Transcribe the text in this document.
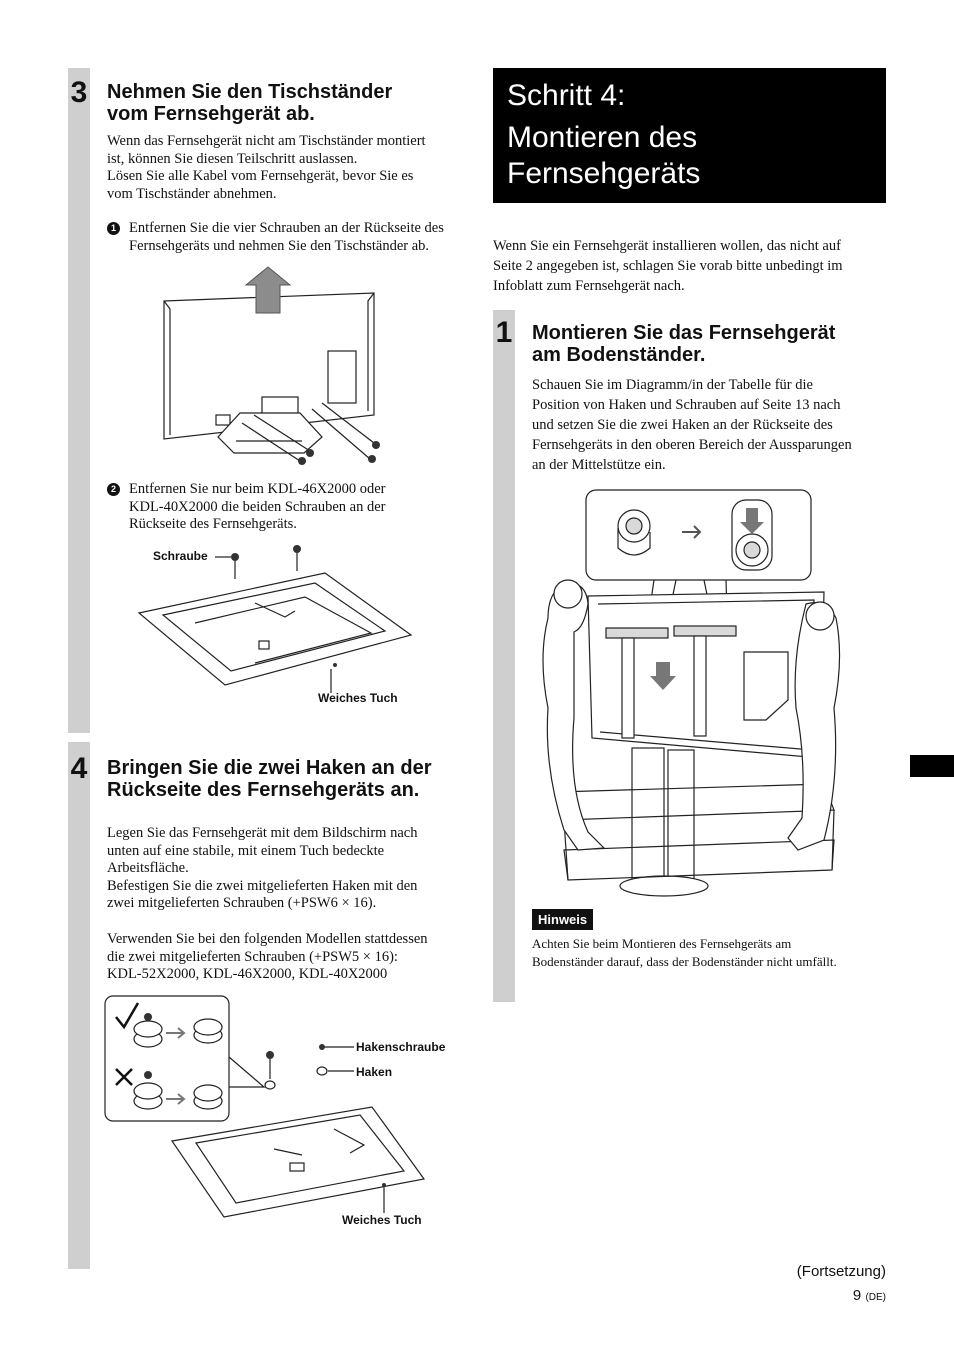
3 Nehmen Sie den Tischständer
vom Fernsehgerät ab.

Wenn das Fernsehgerät nicht am Tischständer montiert

ist, können Sie diesen Teilschritt auslassen.

Lösen Sie alle Kabel vom Fernsehgerät, bevor Sie es

vom Tischständer abnehmen.

1 Entfernen Sie die vier Schrauben an der Rückseite des
Fernsehgeräts und nehmen Sie den Tischständer ab.
2 Entfernen Sie nur beim KDL-46X2000 oder
KDL-40X2000 die beiden Schrauben an der
Rückseite des Fernsehgeräts.
Schraube
Weiches Tuch
4 Bringen Sie die zwei Haken an der
Rückseite des Fernsehgeräts an.

Legen Sie das Fernsehgerät mit dem Bildschirm nach

unten auf eine stabile, mit einem Tuch bedeckte

Arbeitsfläche.

Befestigen Sie die zwei mitgelieferten Haken mit den

zwei mitgelieferten Schrauben (+PSW6 × 16).

Verwenden Sie bei den folgenden Modellen stattdessen

die zwei mitgelieferten Schrauben (+PSW5 × 16):

KDL-52X2000, KDL-46X2000, KDL-40X2000

Hakenschraube
Haken
Weiches Tuch
Schritt 4:
Montieren des
Fernsehgeräts

Wenn Sie ein Fernsehgerät installieren wollen, das nicht auf

Seite 2 angegeben ist, schlagen Sie vorab bitte unbedingt im

Infoblatt zum Fernsehgerät nach.

1 Montieren Sie das Fernsehgerät
am Bodenständer.

Schauen Sie im Diagramm/in der Tabelle für die

Position von Haken und Schrauben auf Seite 13 nach

und setzen Sie die zwei Haken an der Rückseite des

Fernsehgeräts in den oberen Bereich der Aussparungen

an der Mittelstütze ein.

Hinweis
Achten Sie beim Montieren des Fernsehgeräts am
Bodenständer darauf, dass der Bodenständer nicht umfällt.
(Fortsetzung)
9 (DE)
